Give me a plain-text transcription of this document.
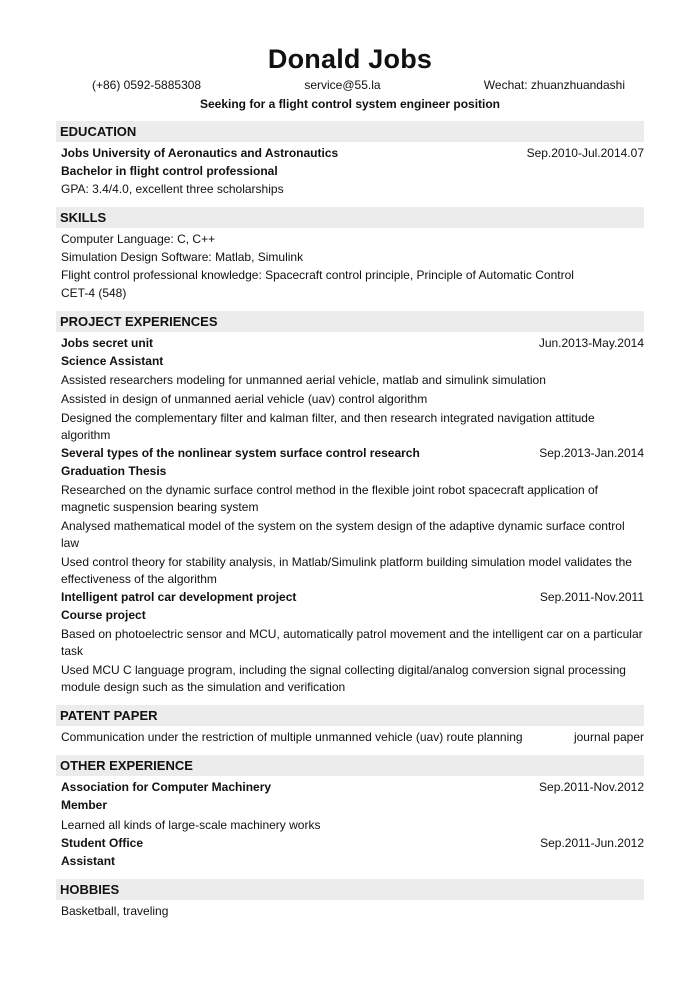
Donald Jobs
(+86) 0592-5885308	service@55.la	Wechat: zhuanzhuandashi
Seeking for a flight control system engineer position
EDUCATION
Jobs University of Aeronautics and Astronautics	Sep.2010-Jul.2014.07
Bachelor in flight control professional
GPA: 3.4/4.0, excellent three scholarships
SKILLS
Computer Language: C, C++
Simulation Design Software: Matlab, Simulink
Flight control professional knowledge: Spacecraft control principle, Principle of Automatic Control
CET-4 (548)
PROJECT EXPERIENCES
Jobs secret unit	Jun.2013-May.2014
Science Assistant
Assisted researchers modeling for unmanned aerial vehicle, matlab and simulink simulation
Assisted in design of unmanned aerial vehicle (uav) control algorithm
Designed the complementary filter and kalman filter, and then research integrated navigation attitude algorithm
Several types of the nonlinear system surface control research	Sep.2013-Jan.2014
Graduation Thesis
Researched on the dynamic surface control method in the flexible joint robot spacecraft application of magnetic suspension bearing system
Analysed mathematical model of the system on the system design of the adaptive dynamic surface control law
Used control theory for stability analysis, in Matlab/Simulink platform building simulation model validates the effectiveness of the algorithm
Intelligent patrol car development project	Sep.2011-Nov.2011
Course project
Based on photoelectric sensor and MCU, automatically patrol movement and the intelligent car on a particular task
Used MCU C language program, including the signal collecting digital/analog conversion signal processing module design such as the simulation and verification
PATENT PAPER
Communication under the restriction of multiple unmanned vehicle (uav) route planning	journal paper
OTHER EXPERIENCE
Association for Computer Machinery	Sep.2011-Nov.2012
Member
Learned all kinds of large-scale machinery works
Student Office	Sep.2011-Jun.2012
Assistant
HOBBIES
Basketball, traveling
